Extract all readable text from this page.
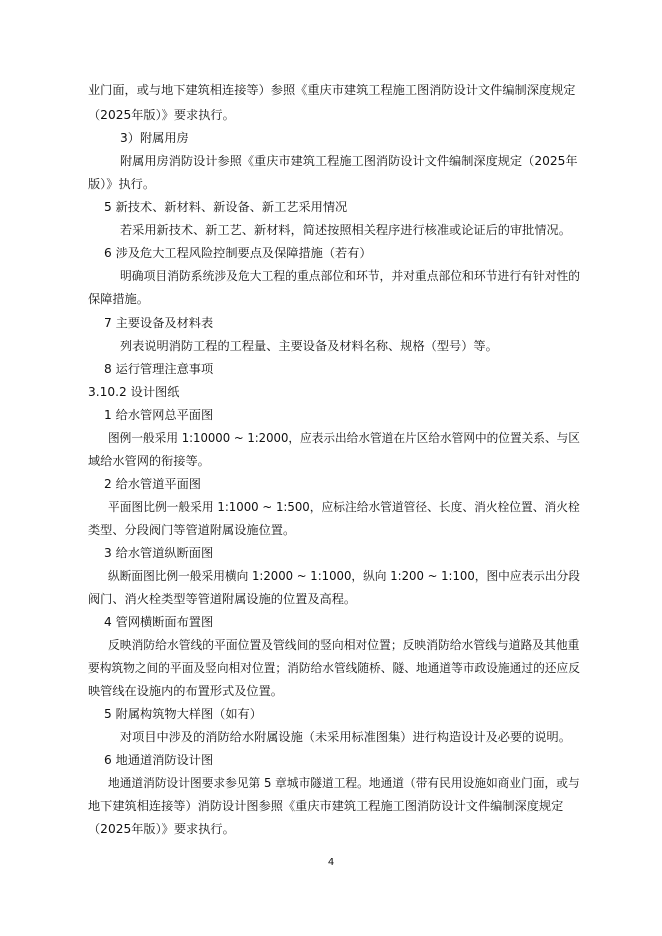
业门面，或与地下建筑相连接等）参照《重庆市建筑工程施工图消防设计文件编制深度规定
（2025年版）》要求执行。
3）附属用房
附属用房消防设计参照《重庆市建筑工程施工图消防设计文件编制深度规定（2025年
版）》执行。
5 新技术、新材料、新设备、新工艺采用情况
若采用新技术、新工艺、新材料，简述按照相关程序进行核准或论证后的审批情况。
6 涉及危大工程风险控制要点及保障措施（若有）
明确项目消防系统涉及危大工程的重点部位和环节，并对重点部位和环节进行有针对性的
保障措施。
7 主要设备及材料表
列表说明消防工程的工程量、主要设备及材料名称、规格（型号）等。
8 运行管理注意事项
3.10.2 设计图纸
1 给水管网总平面图
图例一般采用 1:10000 ~ 1:2000，应表示出给水管道在片区给水管网中的位置关系、与区
域给水管网的衔接等。
2 给水管道平面图
平面图比例一般采用 1:1000 ~ 1:500，应标注给水管道管径、长度、消火栓位置、消火栓
类型、分段阀门等管道附属设施位置。
3 给水管道纵断面图
纵断面图比例一般采用横向 1:2000 ~ 1:1000，纵向 1:200 ~ 1:100，图中应表示出分段
阀门、消火栓类型等管道附属设施的位置及高程。
4 管网横断面布置图
反映消防给水管线的平面位置及管线间的竖向相对位置；反映消防给水管线与道路及其他重
要构筑物之间的平面及竖向相对位置；消防给水管线随桥、隧、地通道等市政设施通过的还应反
映管线在设施内的布置形式及位置。
5 附属构筑物大样图（如有）
对项目中涉及的消防给水附属设施（未采用标准图集）进行构造设计及必要的说明。
6 地通道消防设计图
地通道消防设计图要求参见第 5 章城市隧道工程。地通道（带有民用设施如商业门面，或与
地下建筑相连接等）消防设计图参照《重庆市建筑工程施工图消防设计文件编制深度规定
（2025年版）》要求执行。
4
